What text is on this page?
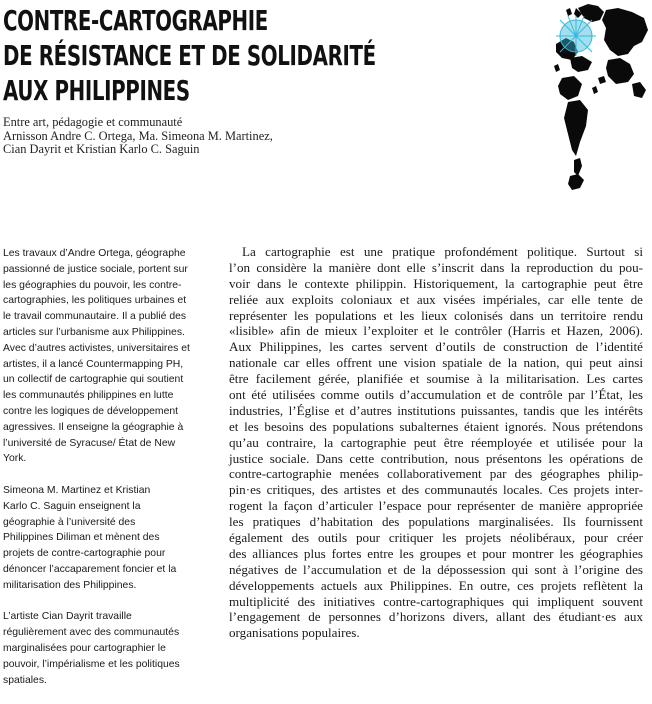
CONTRE-CARTOGRAPHIE
DE RÉSISTANCE ET DE SOLIDARITÉ
AUX PHILIPPINES
Entre art, pédagogie et communauté
Arnisson Andre C. Ortega, Ma. Simeona M. Martinez,
Cian Dayrit et Kristian Karlo C. Saguin

Les travaux d’Andre Ortega, géographe
passionné de justice sociale, portent sur
les géographies du pouvoir, les contre-
cartographies, les politiques urbaines et
le travail communautaire. Il a publié des
articles sur l’urbanisme aux Philippines.
Avec d’autres activistes, universitaires et
artistes, il a lancé Countermapping PH,
un collectif de cartographie qui soutient
les communautés philippines en lutte
contre les logiques de développement
agressives. Il enseigne la géographie à
l’université de Syracuse/ État de New
York.

Simeona M. Martinez et Kristian
Karlo C. Saguin enseignent la
géographie à l’université des
Philippines Diliman et mènent des
projets de contre-cartographie pour
dénoncer l’accaparement foncier et la
militarisation des Philippines.

L’artiste Cian Dayrit travaille
régulièrement avec des communautés
marginalisées pour cartographier le
pouvoir, l’impérialisme et les politiques
spatiales.

La cartographie est une pratique profondément politique. Surtout si
l’on considère la manière dont elle s’inscrit dans la reproduction du pou-
voir dans le contexte philippin. Historiquement, la cartographie peut être
reliée aux exploits coloniaux et aux visées impériales, car elle tente de
représenter les populations et les lieux colonisés dans un territoire rendu
«lisible» afin de mieux l’exploiter et le contrôler (Harris et Hazen, 2006).
Aux Philippines, les cartes servent d’outils de construction de l’identité
nationale car elles offrent une vision spatiale de la nation, qui peut ainsi
être facilement gérée, planifiée et soumise à la militarisation. Les cartes
ont été utilisées comme outils d’accumulation et de contrôle par l’État, les
industries, l’Église et d’autres institutions puissantes, tandis que les intérêts
et les besoins des populations subalternes étaient ignorés. Nous prétendons
qu’au contraire, la cartographie peut être réemployée et utilisée pour la
justice sociale. Dans cette contribution, nous présentons les opérations de
contre-cartographie menées collaborativement par des géographes philip-
pin·es critiques, des artistes et des communautés locales. Ces projets inter-
rogent la façon d’articuler l’espace pour représenter de manière appropriée
les pratiques d’habitation des populations marginalisées. Ils fournissent
également des outils pour critiquer les projets néolibéraux, pour créer
des alliances plus fortes entre les groupes et pour montrer les géographies
négatives de l’accumulation et de la dépossession qui sont à l’origine des
développements actuels aux Philippines. En outre, ces projets reflètent la
multiplicité des initiatives contre-cartographiques qui impliquent souvent
l’engagement de personnes d’horizons divers, allant des étudiant·es aux
organisations populaires.
